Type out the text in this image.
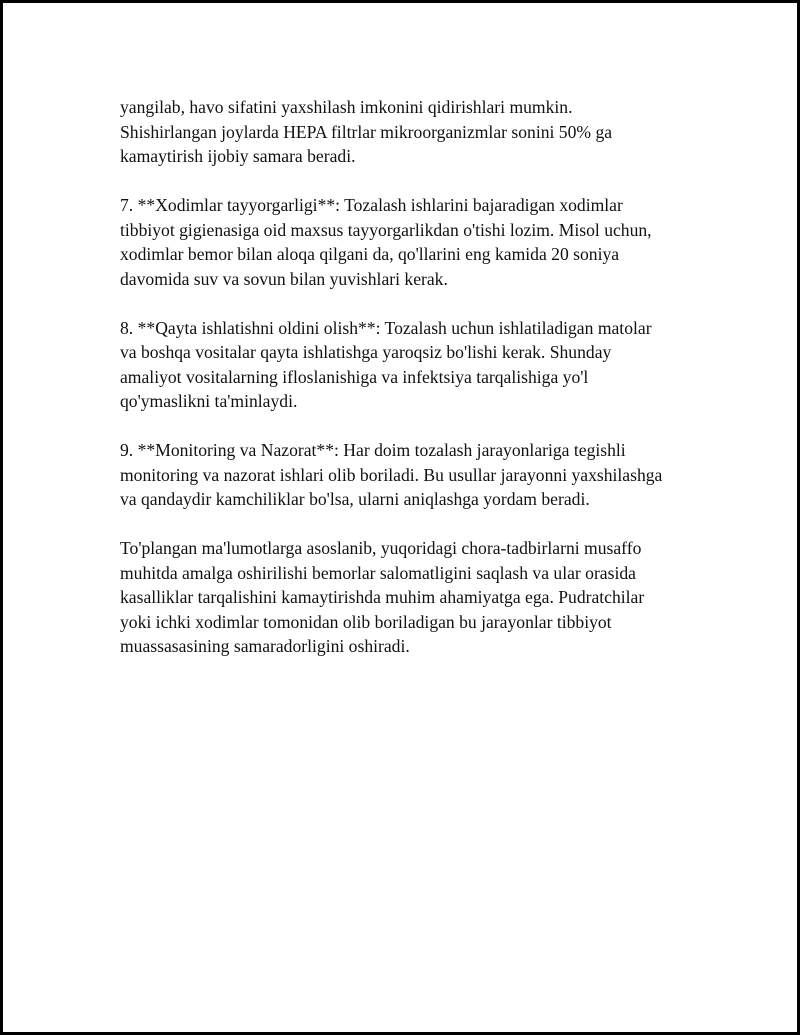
yangilab, havo sifatini yaxshilash imkonini qidirishlari mumkin.
Shishirlangan joylarda HEPA filtrlar mikroorganizmlar sonini 50% ga
kamaytirish ijobiy samara beradi.

7. **Xodimlar tayyorgarligi**: Tozalash ishlarini bajaradigan xodimlar
tibbiyot gigienasiga oid maxsus tayyorgarlikdan o'tishi lozim. Misol uchun,
xodimlar bemor bilan aloqa qilgani da, qo'llarini eng kamida 20 soniya
davomida suv va sovun bilan yuvishlari kerak.

8. **Qayta ishlatishni oldini olish**: Tozalash uchun ishlatiladigan matolar
va boshqa vositalar qayta ishlatishga yaroqsiz bo'lishi kerak. Shunday
amaliyot vositalarning ifloslanishiga va infektsiya tarqalishiga yo'l
qo'ymaslikni ta'minlaydi.

9. **Monitoring va Nazorat**: Har doim tozalash jarayonlariga tegishli
monitoring va nazorat ishlari olib boriladi. Bu usullar jarayonni yaxshilashga
va qandaydir kamchiliklar bo'lsa, ularni aniqlashga yordam beradi.

To'plangan ma'lumotlarga asoslanib, yuqoridagi chora-tadbirlarni musaffo
muhitda amalga oshirilishi bemorlar salomatligini saqlash va ular orasida
kasalliklar tarqalishini kamaytirishda muhim ahamiyatga ega. Pudratchilar
yoki ichki xodimlar tomonidan olib boriladigan bu jarayonlar tibbiyot
muassasasining samaradorligini oshiradi.
